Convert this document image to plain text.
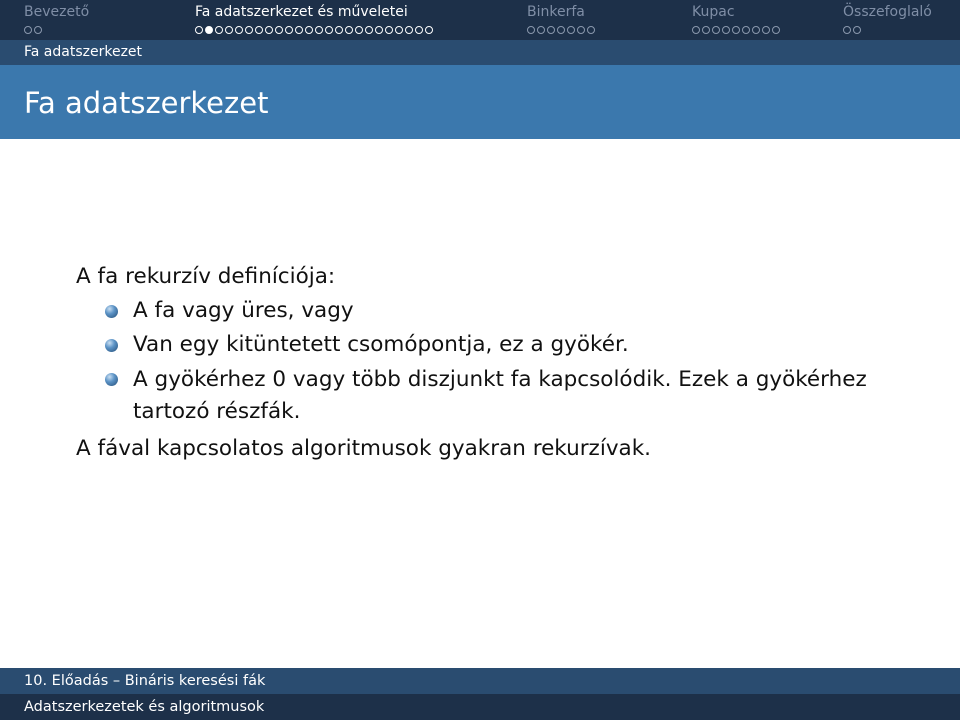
Bevezető	Fa adatszerkezet és műveletei	Binkerfa	Kupac	Összefoglaló
Fa adatszerkezet
Fa adatszerkezet

A fa rekurzív definíciója:

A fa vagy üres, vagy
Van egy kitüntetett csomópontja, ez a gyökér.
A gyökérhez 0 vagy több diszjunkt fa kapcsolódik. Ezek a gyökérhez tartozó részfák.

A fával kapcsolatos algoritmusok gyakran rekurzívak.

10. Előadás – Bináris keresési fák
Adatszerkezetek és algoritmusok
